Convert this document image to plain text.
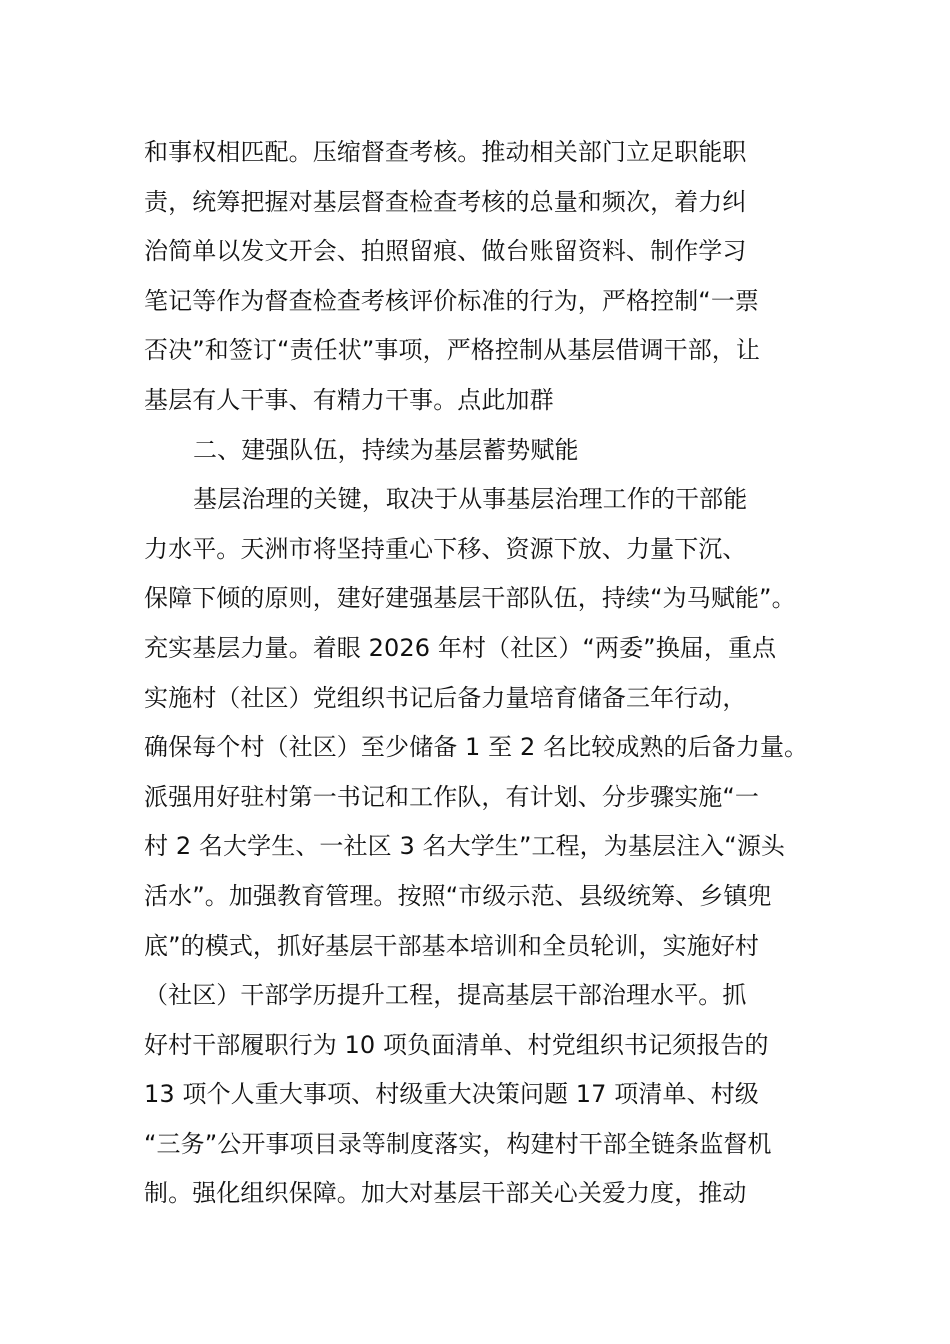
和事权相匹配。压缩督查考核。推动相关部门立足职能职
责，统筹把握对基层督查检查考核的总量和频次，着力纠
治简单以发文开会、拍照留痕、做台账留资料、制作学习
笔记等作为督查检查考核评价标准的行为，严格控制“一票
否决”和签订“责任状”事项，严格控制从基层借调干部，让
基层有人干事、有精力干事。点此加群
二、建强队伍，持续为基层蓄势赋能
基层治理的关键，取决于从事基层治理工作的干部能
力水平。天洲市将坚持重心下移、资源下放、力量下沉、
保障下倾的原则，建好建强基层干部队伍，持续“为马赋能”。
充实基层力量。着眼 2026 年村（社区）“两委”换届，重点
实施村（社区）党组织书记后备力量培育储备三年行动，
确保每个村（社区）至少储备 1 至 2 名比较成熟的后备力量。
派强用好驻村第一书记和工作队，有计划、分步骤实施“一
村 2 名大学生、一社区 3 名大学生”工程，为基层注入“源头
活水”。加强教育管理。按照“市级示范、县级统筹、乡镇兜
底”的模式，抓好基层干部基本培训和全员轮训，实施好村
（社区）干部学历提升工程，提高基层干部治理水平。抓
好村干部履职行为 10 项负面清单、村党组织书记须报告的
13 项个人重大事项、村级重大决策问题 17 项清单、村级
“三务”公开事项目录等制度落实，构建村干部全链条监督机
制。强化组织保障。加大对基层干部关心关爱力度，推动
